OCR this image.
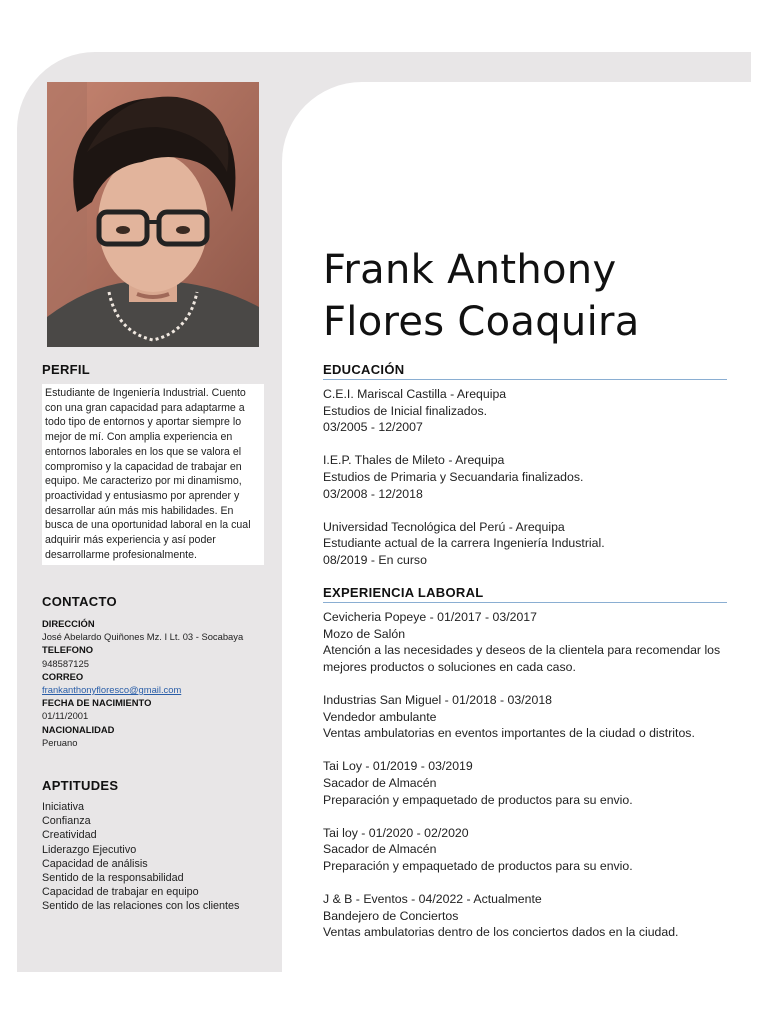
Frank Anthony
Flores Coaquira
PERFIL
Estudiante de Ingeniería Industrial. Cuento con una gran capacidad para adaptarme a todo tipo de entornos y aportar siempre lo mejor de mí. Con amplia experiencia en entornos laborales en los que se valora el compromiso y la capacidad de trabajar en equipo. Me caracterizo por mi dinamismo, proactividad y entusiasmo por aprender y desarrollar aún más mis habilidades. En busca de una oportunidad laboral en la cual adquirir más experiencia y así poder desarrollarme profesionalmente.
CONTACTO
DIRECCIÓN
José Abelardo Quiñones Mz. I Lt. 03 - Socabaya
TELEFONO
948587125
CORREO
frankanthonyfloresco@gmail.com
FECHA DE NACIMIENTO
01/11/2001
NACIONALIDAD
Peruano
APTITUDES
Iniciativa
Confianza
Creatividad
Liderazgo Ejecutivo
Capacidad de análisis
Sentido de la responsabilidad
Capacidad de trabajar en equipo
Sentido de las relaciones con los clientes
EDUCACIÓN
C.E.I. Mariscal Castilla - Arequipa
Estudios de Inicial finalizados.
03/2005 - 12/2007
I.E.P. Thales de Mileto - Arequipa
Estudios de Primaria y Secuandaria finalizados.
03/2008 - 12/2018
Universidad Tecnológica del Perú - Arequipa
Estudiante actual de la carrera Ingeniería Industrial.
08/2019 - En curso
EXPERIENCIA LABORAL
Cevicheria Popeye - 01/2017 - 03/2017
Mozo de Salón
Atención a las necesidades y deseos de la clientela para recomendar los mejores productos o soluciones en cada caso.
Industrias San Miguel - 01/2018 - 03/2018
Vendedor ambulante
Ventas ambulatorias en eventos importantes de la ciudad o distritos.
Tai Loy - 01/2019 - 03/2019
Sacador de Almacén
Preparación y empaquetado de productos para su envio.
Tai loy - 01/2020 - 02/2020
Sacador de Almacén
Preparación y empaquetado de productos para su envio.
J & B - Eventos - 04/2022 - Actualmente
Bandejero de Conciertos
Ventas ambulatorias dentro de los conciertos dados en la ciudad.
